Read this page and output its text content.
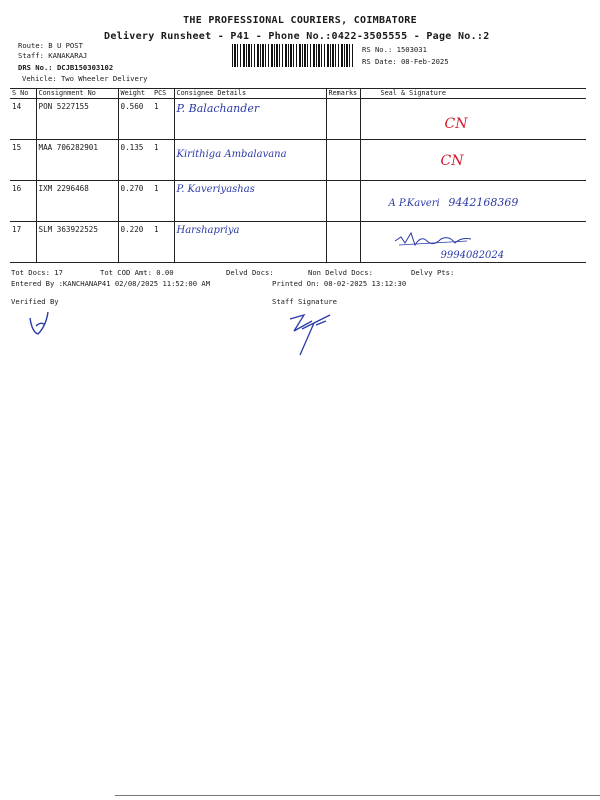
THE PROFESSIONAL COURIERS, COIMBATORE
Delivery Runsheet - P41 - Phone No.:0422-3505555 - Page No.:2
Route: B U POST
Staff: KANAKARAJ
DRS No.: DCJB150303102
Vehicle: Two Wheeler Delivery
RS No.: 1503031
RS Date: 08-Feb-2025
S No	Consignment No	Weight	PCS	Consignee Details	Remarks	Seal & Signature
14	PON 5227155	0.560	1	P. Balachander		CN
15	MAA 706282901	0.135	1	Kirithiga Ambalavana		CN
16	IXM 2296468	0.270	1	P. Kaveriyashas		A P.Kaveri 9442168369
17	SLM 363922525	0.220	1	Harshapriya		9994082024
Tot Docs: 17	Tot COD Amt: 0.00	Delvd Docs:	Non Delvd Docs:	Delvy Pts:
Entered By :KANCHANAP41 02/08/2025 11:52:00 AM	Printed On: 08-02-2025 13:12:30
Verified By	Staff Signature
